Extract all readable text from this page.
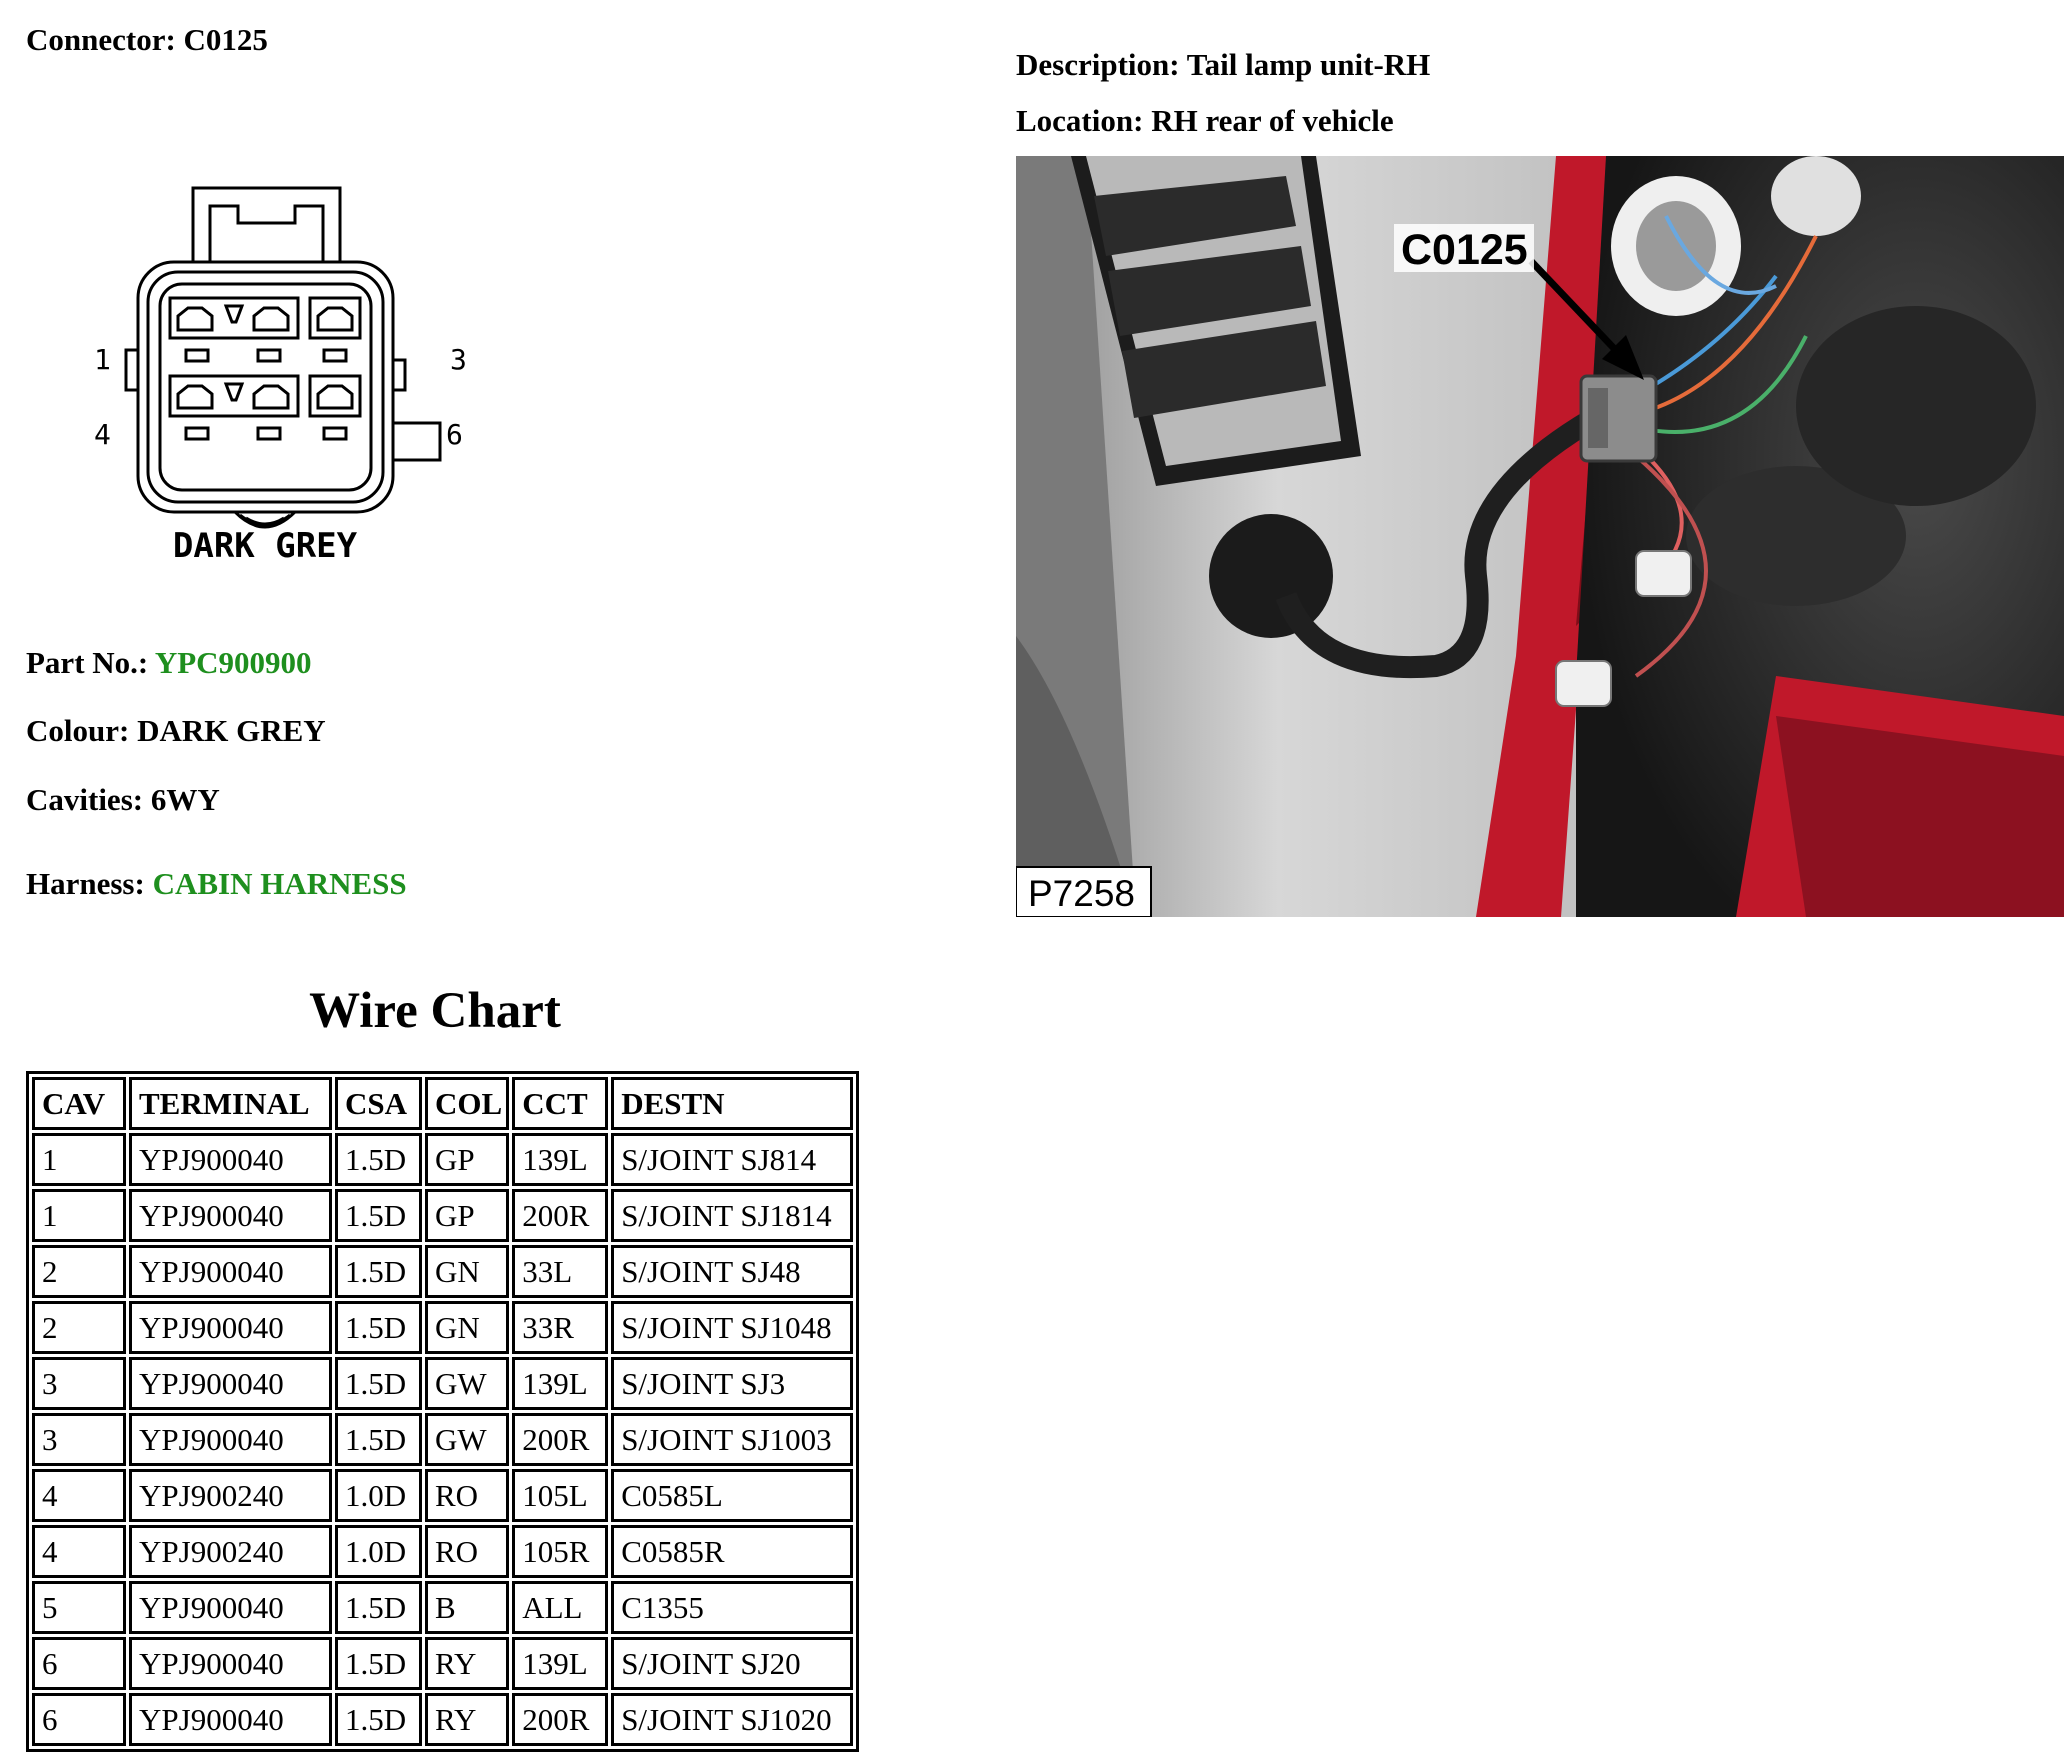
Connector: C0125
1	3
4	6
DARK GREY
Part No.: YPC900900
Colour: DARK GREY
Cavities: 6WY
Harness: CABIN HARNESS
Description: Tail lamp unit-RH
Location: RH rear of vehicle
C0125
P7258
Wire Chart
CAV	TERMINAL	CSA	COL	CCT	DESTN
1	YPJ900040	1.5D	GP	139L	S/JOINT SJ814
1	YPJ900040	1.5D	GP	200R	S/JOINT SJ1814
2	YPJ900040	1.5D	GN	33L	S/JOINT SJ48
2	YPJ900040	1.5D	GN	33R	S/JOINT SJ1048
3	YPJ900040	1.5D	GW	139L	S/JOINT SJ3
3	YPJ900040	1.5D	GW	200R	S/JOINT SJ1003
4	YPJ900240	1.0D	RO	105L	C0585L
4	YPJ900240	1.0D	RO	105R	C0585R
5	YPJ900040	1.5D	B	ALL	C1355
6	YPJ900040	1.5D	RY	139L	S/JOINT SJ20
6	YPJ900040	1.5D	RY	200R	S/JOINT SJ1020
